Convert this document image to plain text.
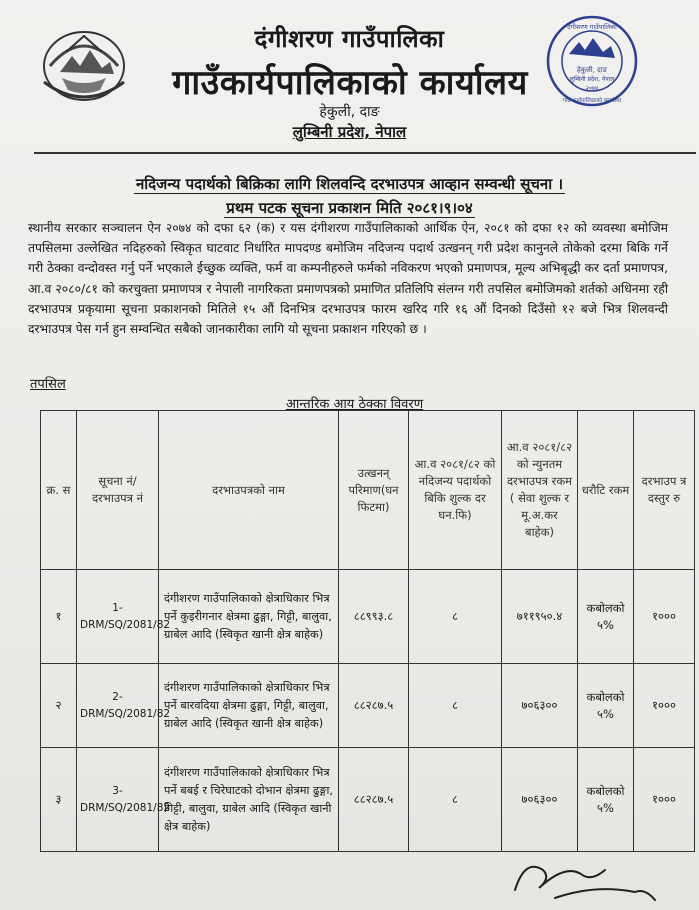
हेकुली, दाङ
लुम्बिनी प्रदेश, नेपाल
२०७४
दंगीशरण गाउँपालिका
गाउँ कार्यपालिकाको कार्यालय
दंगीशरण गाउँपालिका
गाउँकार्यपालिकाको कार्यालय
हेकुली, दाङ
लुम्बिनी प्रदेश, नेपाल
नदिजन्य पदार्थको बिक्रिका लागि शिलवन्दि दरभाउपत्र आव्हान सम्वन्धी सूचना ।
प्रथम पटक सूचना प्रकाशन मिति २०८१।९।०४
स्थानीय सरकार सञ्चालन ऐन २०७४ को दफा ६२ (क) र यस दंगीशरण गाउँपालिकाको आर्थिक ऐन, २०८१ को दफा १२ को व्यवस्था बमोजिम तपसिलमा उल्लेखित नदिहरुको स्विकृत घाटवाट निर्धारित मापदण्ड बमोजिम नदिजन्य पदार्थ उत्खनन् गरी प्रदेश कानुनले तोकेको दरमा बिकि गर्ने गरी ठेक्का वन्दोवस्त गर्नु पर्ने भएकाले ईच्छुक व्यक्ति, फर्म वा कम्पनीहरुले फर्मको नविकरण भएको प्रमाणपत्र, मूल्य अभिबृद्धी कर दर्ता प्रमाणपत्र, आ.व २०८०/८१ को करचुक्ता प्रमाणपत्र र नेपाली नागरिकता प्रमाणपत्रको प्रमाणित प्रतिलिपि संलग्न गरी तपसिल बमोजिमको शर्तको अधिनमा रही दरभाउपत्र प्रकृयामा सूचना प्रकाशनको मितिले १५ औं दिनभित्र दरभाउपत्र फारम खरिद गरि १६ औं दिनको दिउँसो १२ बजे भित्र शिलवन्दी दरभाउपत्र पेस गर्न हुन सम्वन्धित सबैको जानकारीका लागि यो सूचना प्रकाशन गरिएको छ ।
तपसिल
आन्तरिक आय ठेक्का विवरण
क्र. स	सूचना नं/दरभाउपत्र नं	दरभाउपत्रको नाम	उत्खनन् परिमाण(घन फिटमा)	आ.व २०८१/८२ को नदिजन्य पदार्थको बिकि शुल्क दर घन.फि)	आ.व २०८१/८२ को न्युनतम दरभाउपत्र रकम ( सेवा शुल्क र मू.अ.कर बाहेक)	धरौटि रकम	दरभाउप त्र दस्तुर रु
१	1-DRM/SQ/2081/82	दंगीशरण गाउँपालिकाको क्षेत्राधिकार भित्र पर्ने कुइरीगनार क्षेत्रमा ढुङ्गा, गिट्टी, बालुवा, ग्राबेल आदि (स्विकृत खानी क्षेत्र बाहेक)	८८९९३.८	८	७११९५०.४	कबोलको ५%	१०००
२	2-DRM/SQ/2081/82	दंगीशरण गाउँपालिकाको क्षेत्राधिकार भित्र पर्ने बारवदिया क्षेत्रमा ढुङ्गा, गिट्टी, बालुवा, ग्राबेल आदि (स्विकृत खानी क्षेत्र बाहेक)	८८२८७.५	८	७०६३००	कबोलको ५%	१०००
३	3-DRM/SQ/2081/82	दंगीशरण गाउँपालिकाको क्षेत्राधिकार भित्र पर्ने बबई र चिरेघाटको दोभान क्षेत्रमा ढुङ्गा, गिट्टी, बालुवा, ग्राबेल आदि (स्विकृत खानी क्षेत्र बाहेक)	८८२८७.५	८	७०६३००	कबोलको ५%	१०००
